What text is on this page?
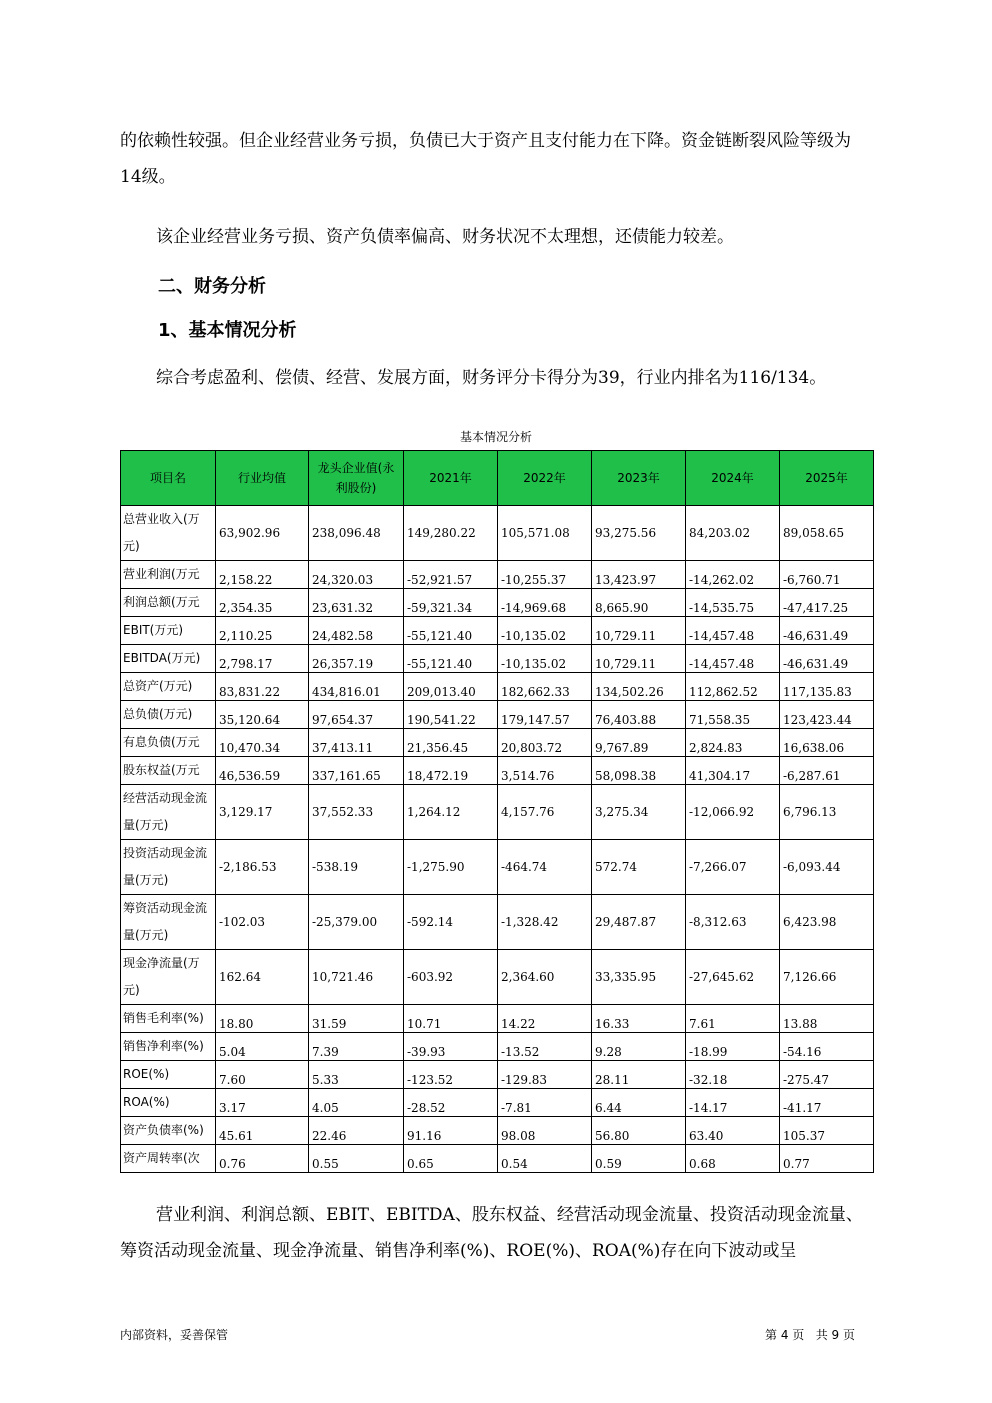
的依赖性较强。但企业经营业务亏损，负债已大于资产且支付能力在下降。资金链断裂风险等级为14级。

该企业经营业务亏损、资产负债率偏高、财务状况不太理想，还债能力较差。

二、财务分析
1、基本情况分析

综合考虑盈利、偿债、经营、发展方面，财务评分卡得分为39，行业内排名为116/134。

基本情况分析
项目名	行业均值	龙头企业值(永利股份)	2021年	2022年	2023年	2024年	2025年
总营业收入(万元)	63,902.96	238,096.48	149,280.22	105,571.08	93,275.56	84,203.02	89,058.65
营业利润(万元	2,158.22	24,320.03	-52,921.57	-10,255.37	13,423.97	-14,262.02	-6,760.71
利润总额(万元	2,354.35	23,631.32	-59,321.34	-14,969.68	8,665.90	-14,535.75	-47,417.25
EBIT(万元)	2,110.25	24,482.58	-55,121.40	-10,135.02	10,729.11	-14,457.48	-46,631.49
EBITDA(万元)	2,798.17	26,357.19	-55,121.40	-10,135.02	10,729.11	-14,457.48	-46,631.49
总资产(万元)	83,831.22	434,816.01	209,013.40	182,662.33	134,502.26	112,862.52	117,135.83
总负债(万元)	35,120.64	97,654.37	190,541.22	179,147.57	76,403.88	71,558.35	123,423.44
有息负债(万元	10,470.34	37,413.11	21,356.45	20,803.72	9,767.89	2,824.83	16,638.06
股东权益(万元	46,536.59	337,161.65	18,472.19	3,514.76	58,098.38	41,304.17	-6,287.61
经营活动现金流量(万元)	3,129.17	37,552.33	1,264.12	4,157.76	3,275.34	-12,066.92	6,796.13
投资活动现金流量(万元)	-2,186.53	-538.19	-1,275.90	-464.74	572.74	-7,266.07	-6,093.44
筹资活动现金流量(万元)	-102.03	-25,379.00	-592.14	-1,328.42	29,487.87	-8,312.63	6,423.98
现金净流量(万元)	162.64	10,721.46	-603.92	2,364.60	33,335.95	-27,645.62	7,126.66
销售毛利率(%)	18.80	31.59	10.71	14.22	16.33	7.61	13.88
销售净利率(%)	5.04	7.39	-39.93	-13.52	9.28	-18.99	-54.16
ROE(%)	7.60	5.33	-123.52	-129.83	28.11	-32.18	-275.47
ROA(%)	3.17	4.05	-28.52	-7.81	6.44	-14.17	-41.17
资产负债率(%)	45.61	22.46	91.16	98.08	56.80	63.40	105.37
资产周转率(次	0.76	0.55	0.65	0.54	0.59	0.68	0.77

营业利润、利润总额、EBIT、EBITDA、股东权益、经营活动现金流量、投资活动现金流量、筹资活动现金流量、现金净流量、销售净利率(%)、ROE(%)、ROA(%)存在向下波动或呈

内部资料，妥善保管	第 4 页   共 9 页
